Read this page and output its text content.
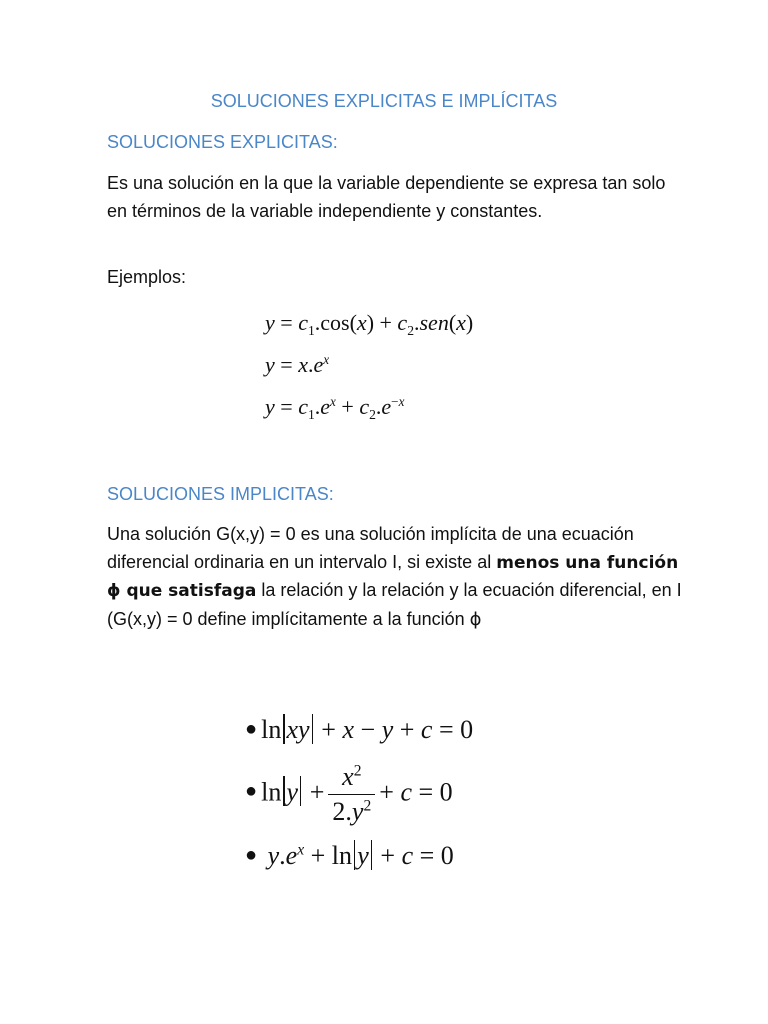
SOLUCIONES EXPLICITAS E IMPLÍCITAS
SOLUCIONES EXPLICITAS:
Es una solución en la que la variable dependiente se expresa tan solo en términos de la variable independiente y constantes.
Ejemplos:
$y = c_1.\cos(x) + c_2.sen(x)$
$y = x.e^x$
$y = c_1.e^x + c_2.e^{-x}$
SOLUCIONES IMPLICITAS:
Una solución G(x,y) = 0 es una solución implícita de una ecuación diferencial ordinaria en un intervalo I, si existe al menos una función ɸ que satisfaga la relación y la relación y la ecuación diferencial, en I (G(x,y) = 0 define implícitamente a la función ɸ
● ln xy + x − y + c = 0
● $\ln y + \frac{x^2}{2.y^2} + c = 0$
● $y.e^x + \ln y + c = 0$
